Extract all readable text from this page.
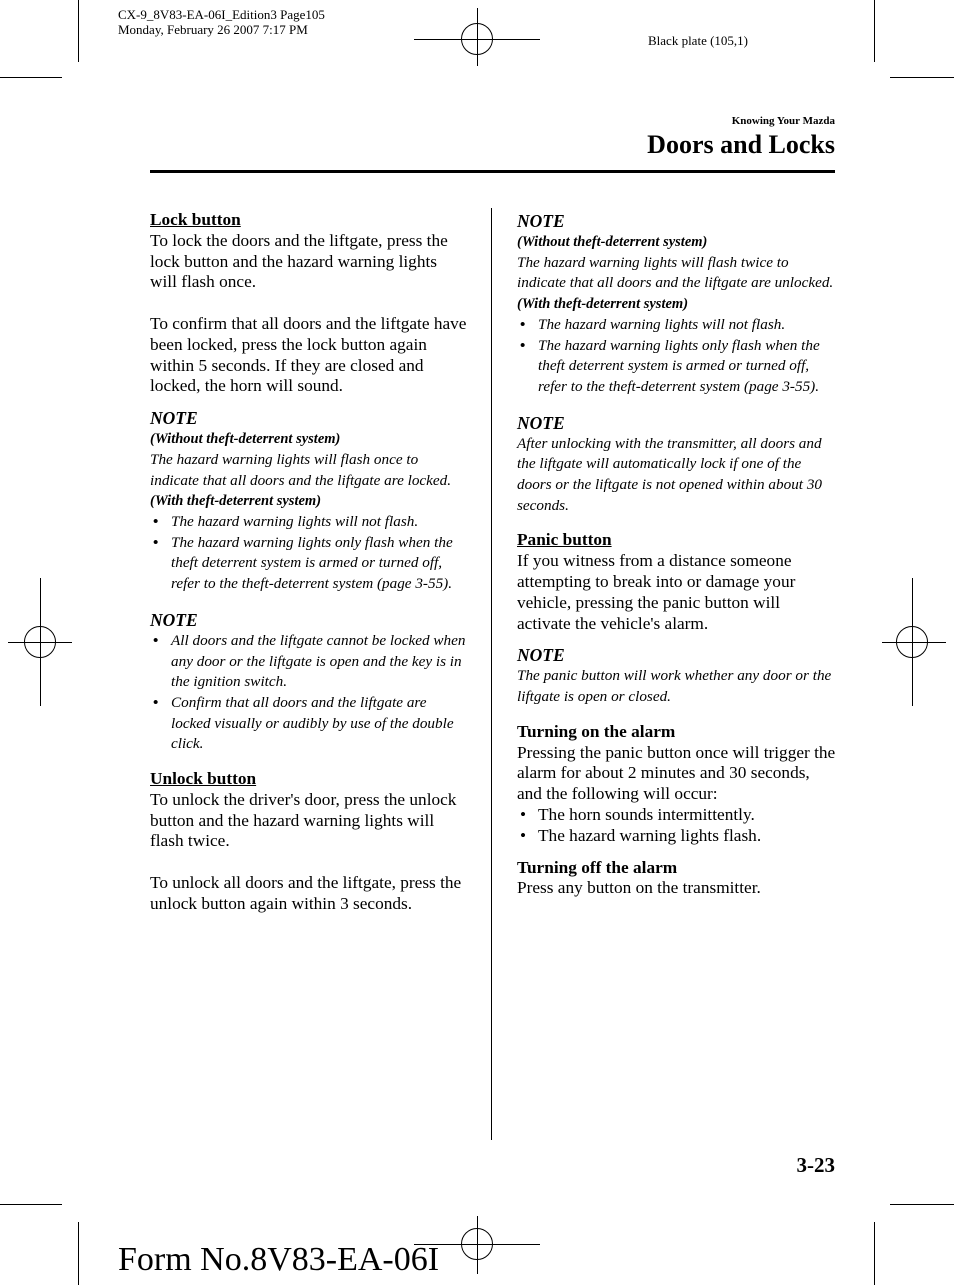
CX-9_8V83-EA-06I_Edition3 Page105
Monday, February 26 2007 7:17 PM
Black plate (105,1)
Knowing Your Mazda
Doors and Locks

Lock button

To lock the doors and the liftgate, press the lock button and the hazard warning lights will flash once.

To confirm that all doors and the liftgate have been locked, press the lock button again within 5 seconds. If they are closed and locked, the horn will sound.

NOTE
(Without theft-deterrent system)
The hazard warning lights will flash once to indicate that all doors and the liftgate are locked.
(With theft-deterrent system)
• The hazard warning lights will not flash.
• The hazard warning lights only flash when the theft deterrent system is armed or turned off, refer to the theft-deterrent system (page 3-55).
NOTE
• All doors and the liftgate cannot be locked when any door or the liftgate is open and the key is in the ignition switch.
• Confirm that all doors and the liftgate are locked visually or audibly by use of the double click.

Unlock button

To unlock the driver's door, press the unlock button and the hazard warning lights will flash twice.

To unlock all doors and the liftgate, press the unlock button again within 3 seconds.

NOTE
(Without theft-deterrent system)
The hazard warning lights will flash twice to indicate that all doors and the liftgate are unlocked.
(With theft-deterrent system)
• The hazard warning lights will not flash.
• The hazard warning lights only flash when the theft deterrent system is armed or turned off, refer to the theft-deterrent system (page 3-55).
NOTE
After unlocking with the transmitter, all doors and the liftgate will automatically lock if one of the doors or the liftgate is not opened within about 30 seconds.

Panic button

If you witness from a distance someone attempting to break into or damage your vehicle, pressing the panic button will activate the vehicle's alarm.

NOTE
The panic button will work whether any door or the liftgate is open or closed.

Turning on the alarm

Pressing the panic button once will trigger the alarm for about 2 minutes and 30 seconds, and the following will occur:

• The horn sounds intermittently.
• The hazard warning lights flash.

Turning off the alarm

Press any button on the transmitter.

3-23
Form No.8V83-EA-06I
